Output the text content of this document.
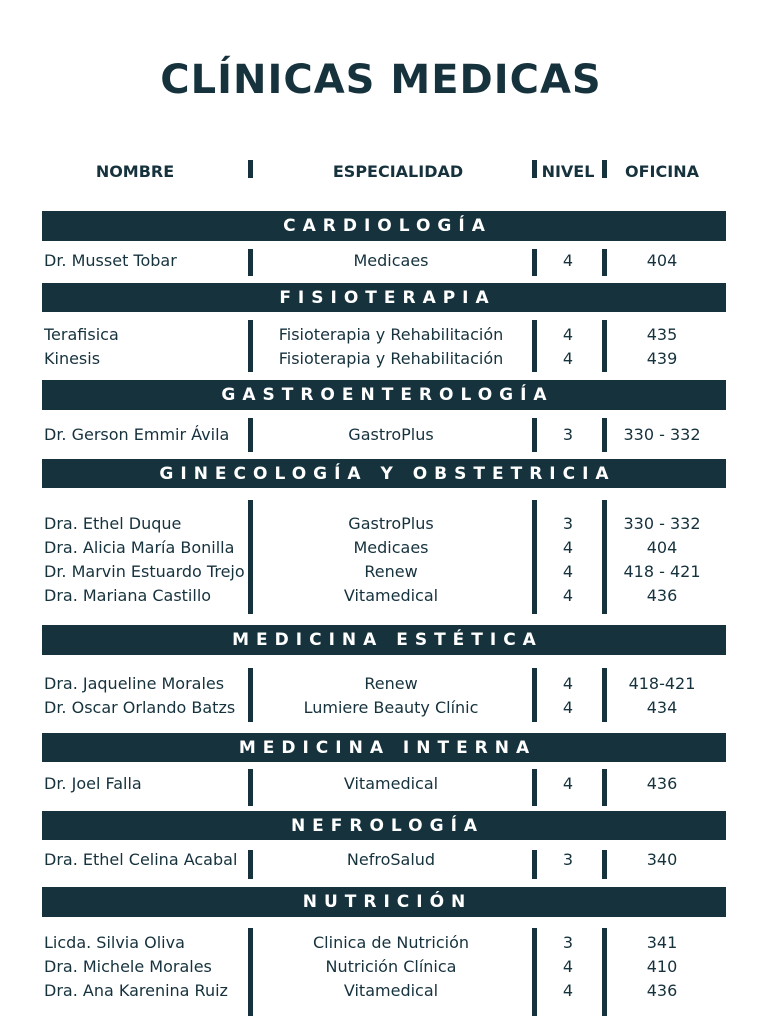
CLÍNICAS MEDICAS
NOMBRE	ESPECIALIDAD	NIVEL	OFICINA
CARDIOLOGÍA
Dr. Musset Tobar	Medicaes	4	404
FISIOTERAPIA
Terafisica	Fisioterapia y Rehabilitación	4	435
Kinesis	Fisioterapia y Rehabilitación	4	439
GASTROENTEROLOGÍA
Dr. Gerson Emmir Ávila	GastroPlus	3	330 - 332
GINECOLOGÍA Y OBSTETRICIA
Dra. Ethel Duque	GastroPlus	3	330 - 332
Dra. Alicia María Bonilla	Medicaes	4	404
Dr. Marvin Estuardo Trejo	Renew	4	418 - 421
Dra. Mariana Castillo	Vitamedical	4	436
MEDICINA ESTÉTICA
Dra. Jaqueline Morales	Renew	4	418-421
Dr. Oscar Orlando Batzs	Lumiere Beauty Clínic	4	434
MEDICINA INTERNA
Dr. Joel Falla	Vitamedical	4	436
NEFROLOGÍA
Dra. Ethel Celina Acabal	NefroSalud	3	340
NUTRICIÓN
Licda. Silvia Oliva	Clinica de Nutrición	3	341
Dra. Michele Morales	Nutrición Clínica	4	410
Dra. Ana Karenina Ruiz	Vitamedical	4	436
